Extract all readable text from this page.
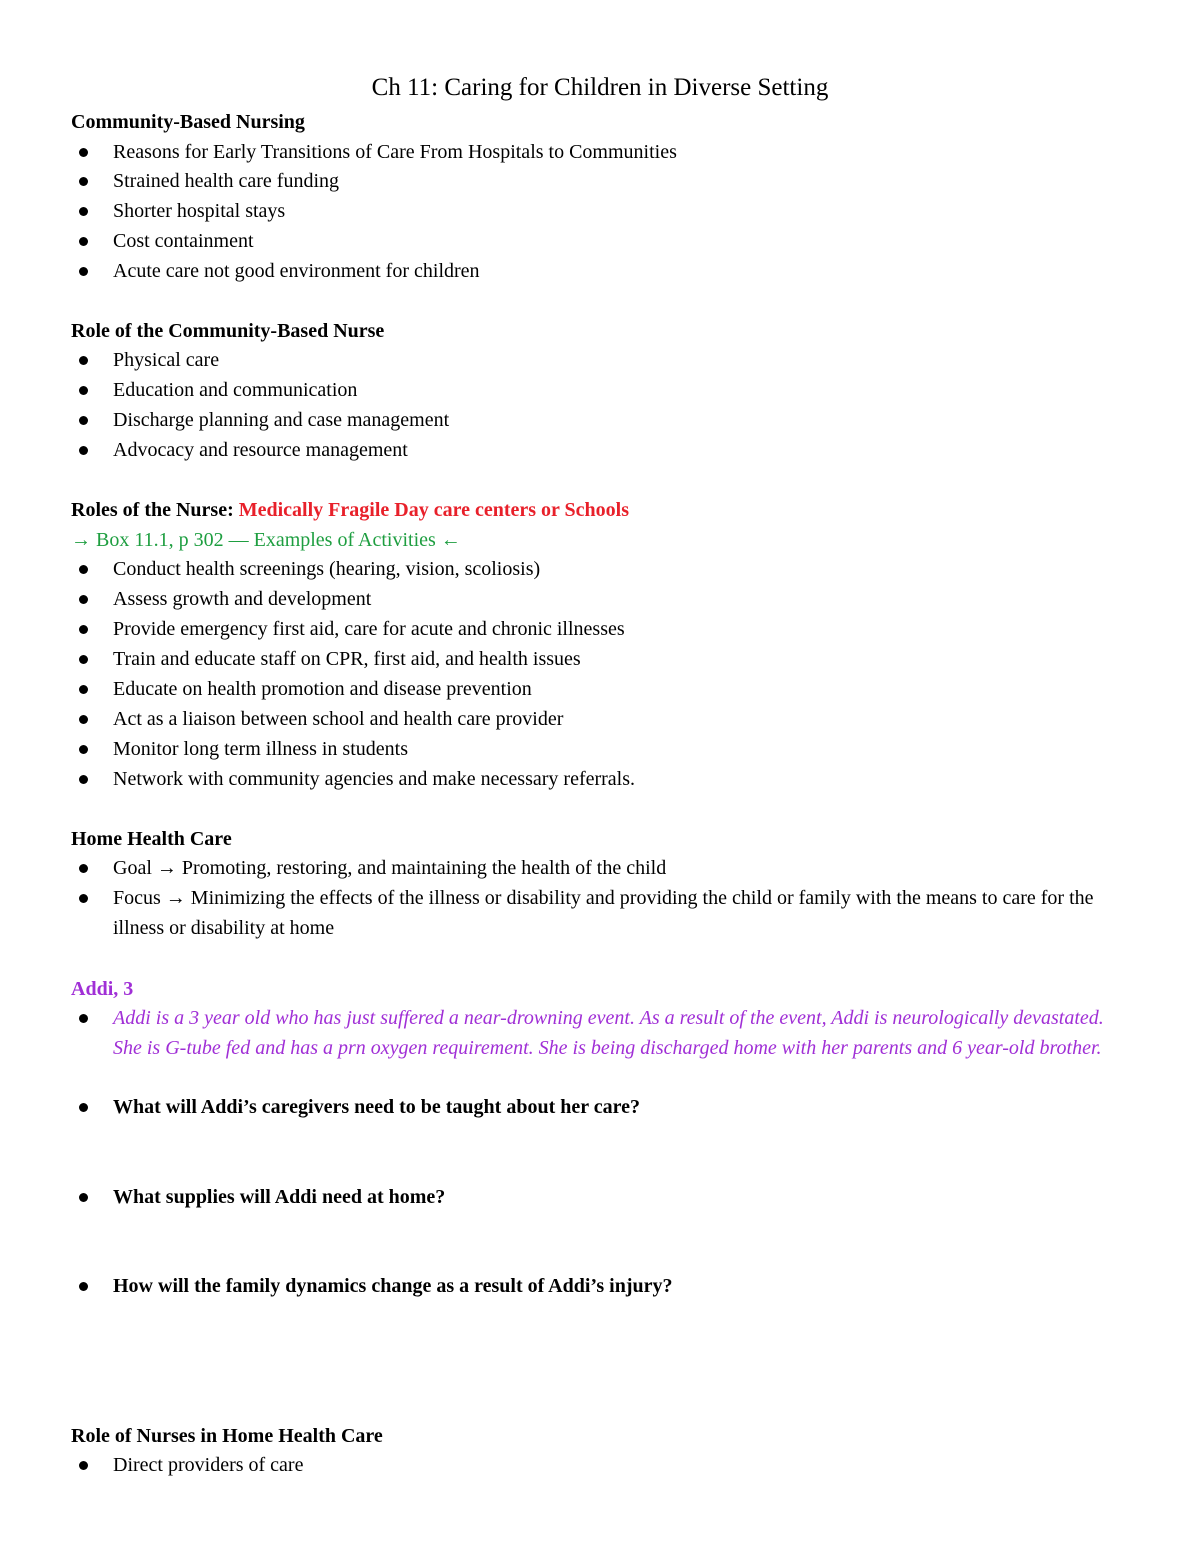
Ch 11: Caring for Children in Diverse Setting
Community-Based Nursing
Reasons for Early Transitions of Care From Hospitals to Communities
Strained health care funding
Shorter hospital stays
Cost containment
Acute care not good environment for children
Role of the Community-Based Nurse
Physical care
Education and communication
Discharge planning and case management
Advocacy and resource management
Roles of the Nurse: Medically Fragile Day care centers or Schools
→ Box 11.1, p 302 — Examples of Activities ←
Conduct health screenings (hearing, vision, scoliosis)
Assess growth and development
Provide emergency first aid, care for acute and chronic illnesses
Train and educate staff on CPR, first aid, and health issues
Educate on health promotion and disease prevention
Act as a liaison between school and health care provider
Monitor long term illness in students
Network with community agencies and make necessary referrals.
Home Health Care
Goal → Promoting, restoring, and maintaining the health of the child
Focus → Minimizing the effects of the illness or disability and providing the child or family with the means to care for the illness or disability at home
Addi, 3
Addi is a 3 year old who has just suffered a near-drowning event. As a result of the event, Addi is neurologically devastated. She is G-tube fed and has a prn oxygen requirement. She is being discharged home with her parents and 6 year-old brother.
What will Addi’s caregivers need to be taught about her care?
What supplies will Addi need at home?
How will the family dynamics change as a result of Addi’s injury?
Role of Nurses in Home Health Care
Direct providers of care
